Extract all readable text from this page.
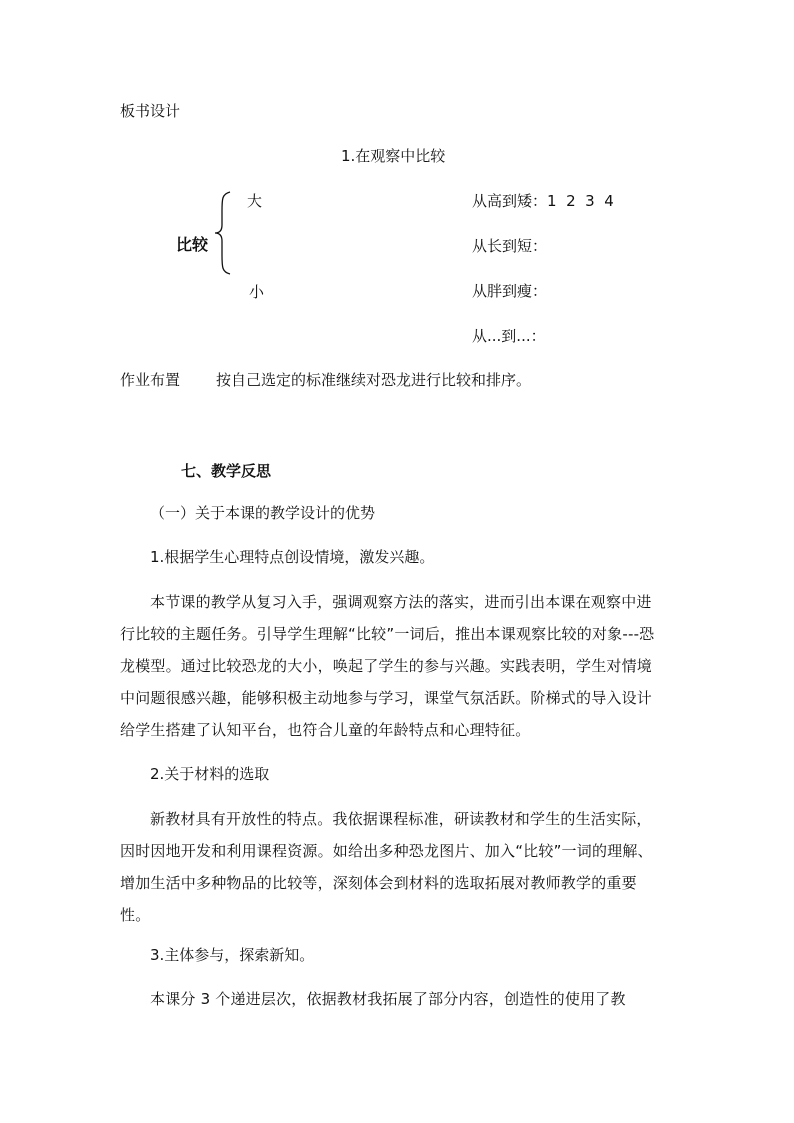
板书设计
1.在观察中比较
比较
大
小
从高到矮：1  2  3  4
从长到短：
从胖到瘦：
从...到...：
作业布置 按自己选定的标准继续对恐龙进行比较和排序。
七、教学反思
（一）关于本课的教学设计的优势
1.根据学生心理特点创设情境，激发兴趣。
本节课的教学从复习入手，强调观察方法的落实，进而引出本课在观察中进行比较的主题任务。引导学生理解“比较”一词后，推出本课观察比较的对象---恐龙模型。通过比较恐龙的大小，唤起了学生的参与兴趣。实践表明，学生对情境中问题很感兴趣，能够积极主动地参与学习，课堂气氛活跃。阶梯式的导入设计给学生搭建了认知平台，也符合儿童的年龄特点和心理特征。
2.关于材料的选取
新教材具有开放性的特点。我依据课程标准，研读教材和学生的生活实际，因时因地开发和利用课程资源。如给出多种恐龙图片、加入“比较”一词的理解、增加生活中多种物品的比较等，深刻体会到材料的选取拓展对教师教学的重要性。
3.主体参与，探索新知。
本课分 3 个递进层次，依据教材我拓展了部分内容，创造性的使用了教
